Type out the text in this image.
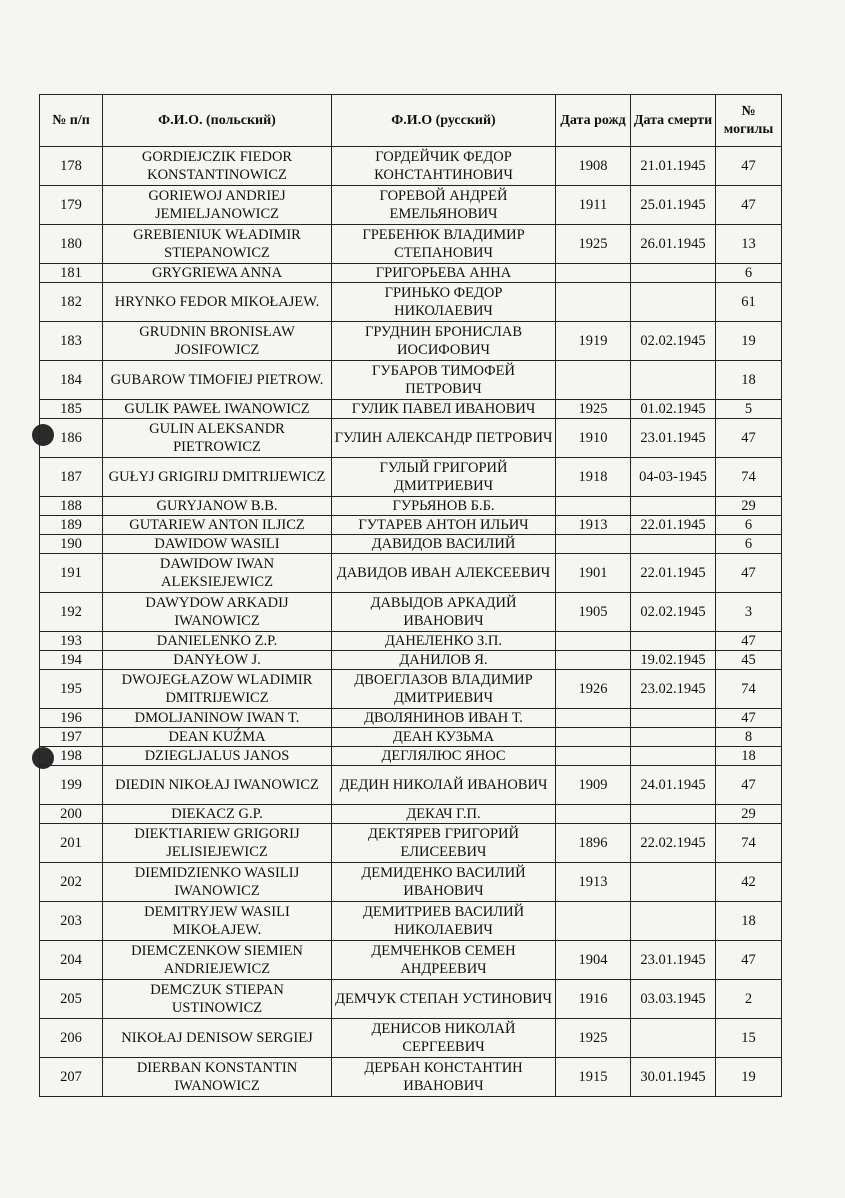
№ п/п	Ф.И.О. (польский)	Ф.И.О (русский)	Дата рожд	Дата смерти	№ могилы
178	GORDIEJCZIK FIEDOR KONSTANTINOWICZ	ГОРДЕЙЧИК ФЕДОР КОНСТАНТИНОВИЧ	1908	21.01.1945	47
179	GORIEWOJ ANDRIEJ JEMIELJANOWICZ	ГОРЕВОЙ АНДРЕЙ ЕМЕЛЬЯНОВИЧ	1911	25.01.1945	47
180	GREBIENIUK WŁADIMIR STIEPANOWICZ	ГРЕБЕНЮК ВЛАДИМИР СТЕПАНОВИЧ	1925	26.01.1945	13
181	GRYGRIEWA ANNA	ГРИГОРЬЕВА АННА			6
182	HRYNKO FEDOR MIKOŁAJEW.	ГРИНЬКО ФЕДОР НИКОЛАЕВИЧ			61
183	GRUDNIN BRONISŁAW JOSIFOWICZ	ГРУДНИН БРОНИСЛАВ ИОСИФОВИЧ	1919	02.02.1945	19
184	GUBAROW TIMOFIEJ PIETROW.	ГУБАРОВ ТИМОФЕЙ ПЕТРОВИЧ			18
185	GULIK PAWEŁ IWANOWICZ	ГУЛИК ПАВЕЛ ИВАНОВИЧ	1925	01.02.1945	5
186	GULIN ALEKSANDR PIETROWICZ	ГУЛИН АЛЕКСАНДР ПЕТРОВИЧ	1910	23.01.1945	47
187	GUŁYJ GRIGIRIJ DMITRIJEWICZ	ГУЛЫЙ ГРИГОРИЙ ДМИТРИЕВИЧ	1918	04-03-1945	74
188	GURYJANOW B.B.	ГУРЬЯНОВ Б.Б.			29
189	GUTARIEW ANTON ILJICZ	ГУТАРЕВ АНТОН ИЛЬИЧ	1913	22.01.1945	6
190	DAWIDOW WASILI	ДАВИДОВ ВАСИЛИЙ			6
191	DAWIDOW IWAN ALEKSIEJEWICZ	ДАВИДОВ ИВАН АЛЕКСЕЕВИЧ	1901	22.01.1945	47
192	DAWYDOW ARKADIJ IWANOWICZ	ДАВЫДОВ АРКАДИЙ ИВАНОВИЧ	1905	02.02.1945	3
193	DANIELENKO Z.P.	ДАНЕЛЕНКО З.П.			47
194	DANYŁOW J.	ДАНИЛОВ Я.		19.02.1945	45
195	DWOJEGŁAZOW WLADIMIR DMITRIJEWICZ	ДВОЕГЛАЗОВ ВЛАДИМИР ДМИТРИЕВИЧ	1926	23.02.1945	74
196	DMOLJANINOW IWAN T.	ДВОЛЯНИНОВ ИВАН Т.			47
197	DEAN KUŹMA	ДЕАН КУЗЬМА			8
198	DZIEGLJALUS JANOS	ДЕГЛЯЛЮС ЯНОС			18
199	DIEDIN NIKOŁAJ IWANOWICZ	ДЕДИН НИКОЛАЙ ИВАНОВИЧ	1909	24.01.1945	47
200	DIEKACZ G.P.	ДЕКАЧ Г.П.			29
201	DIEKTIARIEW GRIGORIJ JELISIEJEWICZ	ДЕКТЯРЕВ ГРИГОРИЙ ЕЛИСЕЕВИЧ	1896	22.02.1945	74
202	DIEMIDZIENKO WASILIJ IWANOWICZ	ДЕМИДЕНКО ВАСИЛИЙ ИВАНОВИЧ	1913		42
203	DEMITRYJEW WASILI MIKOŁAJEW.	ДЕМИТРИЕВ ВАСИЛИЙ НИКОЛАЕВИЧ			18
204	DIEMCZENKOW SIEMIEN ANDRIEJEWICZ	ДЕМЧЕНКОВ СЕМЕН АНДРЕЕВИЧ	1904	23.01.1945	47
205	DEMCZUK STIEPAN USTINOWICZ	ДЕМЧУК СТЕПАН УСТИНОВИЧ	1916	03.03.1945	2
206	NIKOŁAJ DENISOW SERGIEJ	ДЕНИСОВ НИКОЛАЙ СЕРГЕЕВИЧ	1925		15
207	DIERBAN KONSTANTIN IWANOWICZ	ДЕРБАН КОНСТАНТИН ИВАНОВИЧ	1915	30.01.1945	19
